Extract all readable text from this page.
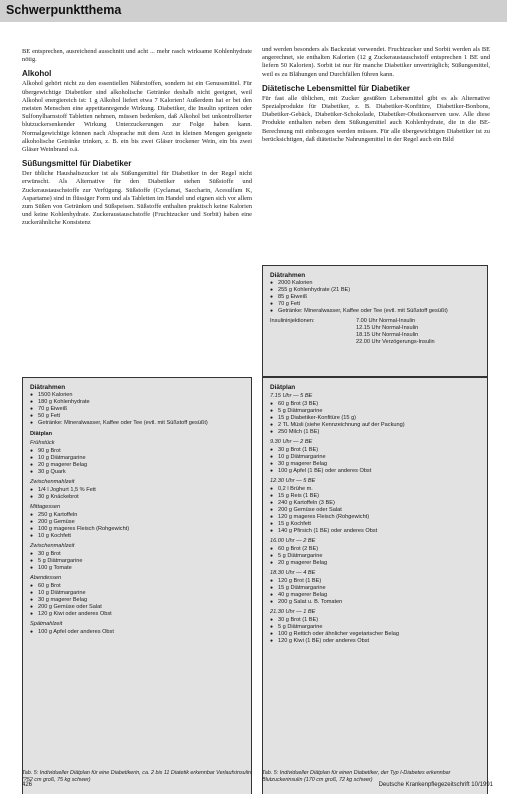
Schwerpunktthema

BE entsprechen, ausreichend ausschnitt und acht ... mehr rasch wirksame Kohlenhydrate nötig.

Alkohol

Alkohol gehört nicht zu den essentiellen Nährstoffen, sondern ist ein Genussmittel. Für übergewichtige Diabetiker sind alkoholische Getränke deshalb nicht geeignet, weil Alkohol energiereich ist: 1 g Alkohol liefert etwa 7 Kalorien! Außerdem hat er bei den meisten Menschen eine appetitanregende Wirkung. Diabetiker, die Insulin spritzen oder Sulfonylharnstoff Tabletten nehmen, müssen bedenken, daß Alkohol bei unkontrollierter blutzuckersenkender Wirkung Unterzuckerungen zur Folge haben kann. Normalgewichtige können nach Absprache mit dem Arzt in kleinen Mengen geeignete alkoholische Getränke trinken, z. B. ein bis zwei Gläser trockener Wein, ein bis zwei Gläser Weinbrand o.ä.

Süßungsmittel für Diabetiker

Der übliche Haushaltszucker ist als Süßungsmittel für Diabetiker in der Regel nicht erwünscht. Als Alternative für den Diabetiker stehen Süßstoffe und Zuckeraustauschstoffe zur Verfügung. Süßstoffe (Cyclamat, Saccharin, Acesulfam K, Aspartame) sind in flüssiger Form und als Tabletten im Handel und eignen sich vor allem zum Süßen von Getränken und Süßspeisen. Süßstoffe enthalten praktisch keine Kalorien und keine Kohlenhydrate. Zuckeraustauschstoffe (Fruchtzucker und Sorbit) haben eine zuckerähnliche Konsistenz

und werden besonders als Backzutat verwendet. Fruchtzucker und Sorbit werden als BE angerechnet, sie enthalten Kalorien (12 g Zuckeraustauschstoff entsprechen 1 BE und liefern 50 Kalorien). Sorbit ist nur für manche Diabetiker unverträglich; Süßungsmittel, weil es zu Blähungen und Durchfällen führen kann.

Diätetische Lebensmittel für Diabetiker

Für fast alle üblichen, mit Zucker gesüßten Lebensmittel gibt es als Alternative Spezialprodukte für Diabetiker, z. B. Diabetiker-Konfitüre, Diabetiker-Bonbons, Diabetiker-Gebäck, Diabetiker-Schokolade, Diabetiker-Obstkonserven usw. Alle diese Produkte enthalten neben dem Süßungsmittel auch Kohlenhydrate, die in die BE-Berechnung mit einbezogen werden müssen. Für alle übergewichtigen Diabetiker ist zu berücksichtigen, daß diätetische Nahrungsmittel in der Regel auch ein Bild

Diätrahmen
● 2000 Kalorien
● 255 g Kohlenhydrate (21 BE)
● 85 g Eiweiß
● 70 g Fett
● Getränke: Mineralwasser, Kaffee oder Tee (evtl. mit Süßstoff gesüßt)
Insulininjektionen:	7.00 Uhr Normal-Insulin
12.15 Uhr Normal-Insulin
18.15 Uhr Normal-Insulin
22.00 Uhr Verzögerungs-Insulin
Diätrahmen
● 1500 Kalorien
● 180 g Kohlenhydrate
● 70 g Eiweiß
● 50 g Fett
● Getränke: Mineralwasser, Kaffee oder Tee (evtl. mit Süßstoff gesüßt)
Diätplan
Frühstück
● 90 g Brot
● 10 g Diätmargarine
● 20 g magerer Belag
● 30 g Quark
Zwischenmahlzeit
● 1/4 l Joghurt 1,5 % Fett
● 30 g Knäckebrot
Mittagessen
● 250 g Kartoffeln
● 200 g Gemüse
● 100 g mageres Fleisch (Rohgewicht)
● 10 g Kochfett
Zwischenmahlzeit
● 30 g Brot
● 5 g Diätmargarine
● 100 g Tomate
Abendessen
● 60 g Brot
● 10 g Diätmargarine
● 30 g magerer Belag
● 200 g Gemüse oder Salat
● 120 g Kiwi oder anderes Obst
Spätmahlzeit
● 100 g Apfel oder anderes Obst
Diätplan
7.15 Uhr — 5 BE
● 60 g Brot (3 BE)
● 5 g Diätmargarine
● 15 g Diabetiker-Konfitüre (15 g)
● 2 TL Müsli (siehe Kennzeichnung auf der Packung)
● 250 Milch (1 BE)
9.30 Uhr — 2 BE
● 30 g Brot (1 BE)
● 10 g Diätmargarine
● 30 g magerer Belag
● 100 g Apfel (1 BE) oder anderes Obst
12.30 Uhr — 5 BE
● 0,2 l Brühe m.
● 15 g Reis (1 BE)
● 240 g Kartoffeln (3 BE)
● 200 g Gemüse oder Salat
● 120 g mageres Fleisch (Rohgewicht)
● 15 g Kochfett
● 140 g Pfirsich (1 BE) oder anderes Obst
16.00 Uhr — 2 BE
● 60 g Brot (2 BE)
● 5 g Diätmargarine
● 20 g magerer Belag
18.30 Uhr — 4 BE
● 120 g Brot (1 BE)
● 15 g Diätmargarine
● 40 g magerer Belag
● 200 g Salat u. B. Tomaten
21.30 Uhr — 1 BE
● 30 g Brot (1 BE)
● 5 g Diätmargarine
● 100 g Rettich oder ähnlicher vegetarischer Belag
● 120 g Kiwi (1 BE) oder anderes Obst
Tab. 5: Individueller Diätplan für eine Diabetikerin, ca. 2 bis 11 Diatetik erkennbar Verlaufsinsulin (?52 cm groß, 75 kg schwer)
Tab. 5: Individueller Diätplan für einen Diabetiker, der Typ I-Diabetes erkennbar Blutzuckerinsulin (170 cm groß, 72 kg schwer)
426	Deutsche Krankenpflegezeitschrift 10/1991
